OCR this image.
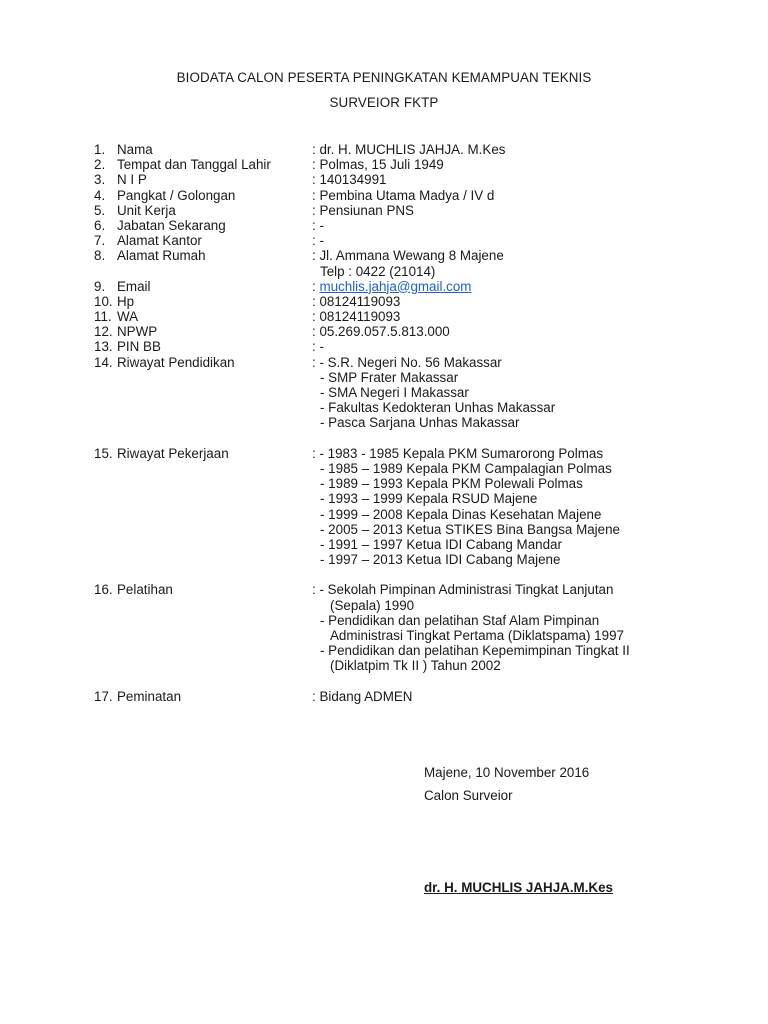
BIODATA CALON PESERTA PENINGKATAN KEMAMPUAN TEKNIS
SURVEIOR FKTP
1. Nama	: dr. H. MUCHLIS JAHJA. M.Kes
2. Tempat dan Tanggal Lahir	: Polmas, 15 Juli 1949
3. N I P	: 140134991
4. Pangkat / Golongan	: Pembina Utama Madya / IV d
5. Unit Kerja	: Pensiunan PNS
6. Jabatan Sekarang	: -
7. Alamat Kantor	: -
8. Alamat Rumah	: Jl. Ammana Wewang 8 Majene
Telp : 0422 (21014)
9. Email	: muchlis.jahja@gmail.com
10. Hp	: 08124119093
11. WA	: 08124119093
12. NPWP	: 05.269.057.5.813.000
13. PIN BB	: -
14. Riwayat Pendidikan	: - S.R. Negeri No. 56 Makassar
- SMP Frater Makassar
- SMA Negeri I Makassar
- Fakultas Kedokteran Unhas Makassar
- Pasca Sarjana Unhas Makassar
15. Riwayat Pekerjaan	: - 1983 - 1985 Kepala PKM Sumarorong Polmas
- 1985 – 1989 Kepala PKM Campalagian Polmas
- 1989 – 1993 Kepala PKM Polewali Polmas
- 1993 – 1999 Kepala RSUD Majene
- 1999 – 2008 Kepala Dinas Kesehatan Majene
- 2005 – 2013 Ketua STIKES Bina Bangsa Majene
- 1991 – 1997 Ketua IDI Cabang Mandar
- 1997 – 2013 Ketua IDI Cabang Majene
16. Pelatihan	: - Sekolah Pimpinan Administrasi Tingkat Lanjutan
(Sepala) 1990
- Pendidikan dan pelatihan Staf Alam Pimpinan
Administrasi Tingkat Pertama (Diklatspama) 1997
- Pendidikan dan pelatihan Kepemimpinan Tingkat II
(Diklatpim Tk II ) Tahun 2002
17. Peminatan	: Bidang ADMEN
Majene, 10 November 2016
Calon Surveior
dr. H. MUCHLIS JAHJA.M.Kes
